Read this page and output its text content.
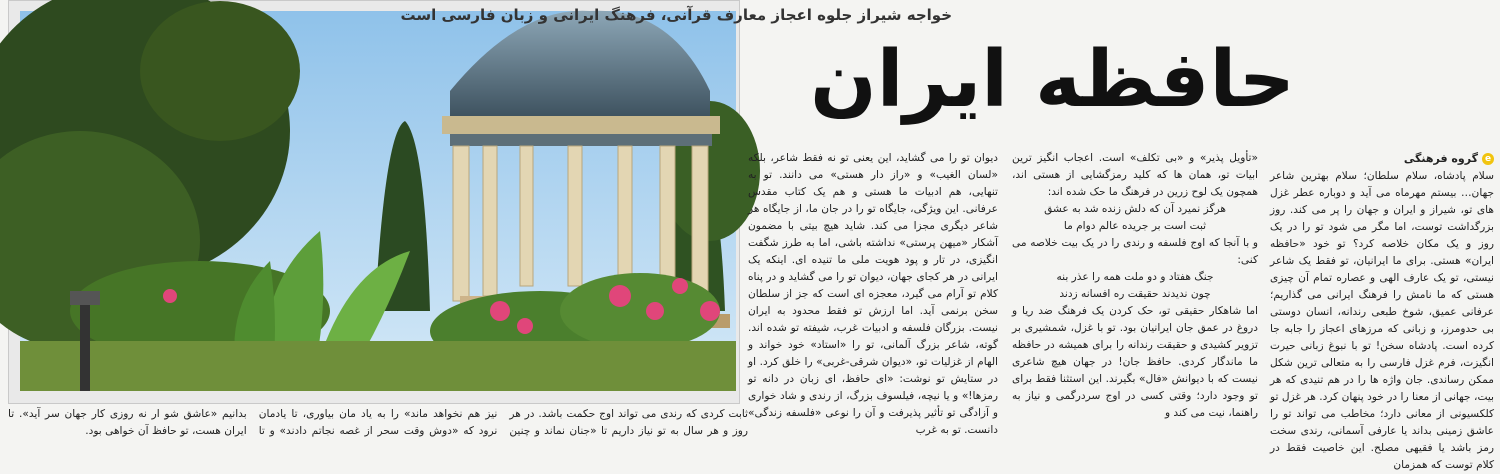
خواجه شیراز جلوه اعجاز معارف قرآنی، فرهنگ ایرانی و زبان فارسی است
حافظه ایران
e
گروه فرهنگی

سلام پادشاه، سلام سلطان؛ سلام بهترین شاعر جهان… بیستم مهرماه می آید و دوباره عطر غزل های تو، شیراز و ایران و جهان را پر می کند. روز بزرگداشت توست، اما مگر می شود تو را در یک روز و یک مکان خلاصه کرد؟ تو خود «حافظه ایران» هستی. برای ما ایرانیان، تو فقط یک شاعر نیستی، تو یک عارف الهی و عصاره تمام آن چیزی هستی که ما نامش را فرهنگ ایرانی می گذاریم؛ عرفانی عمیق، شوخ طبعی رندانه، انسان دوستی بی حدومرز، و زبانی که مرزهای اعجاز را جابه جا کرده است. پادشاه سخن! تو با نبوغ زبانی حیرت انگیزت، فرم غزل فارسی را به متعالی ترین شکل ممکن رساندی. جان واژه ها را در هم تنیدی که هر بیت، جهانی از معنا را در خود پنهان کرد. هر غزل تو کلکسیونی از معانی دارد؛ مخاطب می تواند تو را عاشق زمینی بداند یا عارفی آسمانی، رندی سخت رمز باشد یا فقیهی مصلح. این خاصیت فقط در کلام توست که همزمان

«تأویل پذیر» و «بی تکلف» است. اعجاب انگیز ترین ابیات تو، همان ها که کلید رمزگشایی از هستی اند، همچون یک لوح زرین در فرهنگ ما حک شده اند:

هرگز نمیرد آن که دلش زنده شد به عشق

ثبت است بر جریده عالم دوام ما

و با آنجا که اوج فلسفه و رندی را در یک بیت خلاصه می کنی:

جنگ هفتاد و دو ملت همه را عذر بنه

چون ندیدند حقیقت ره افسانه زدند

اما شاهکار حقیقی تو، حک کردن یک فرهنگ ضد ریا و دروغ در عمق جان ایرانیان بود. تو با غزل، شمشیری بر تزویر کشیدی و حقیقت رندانه را برای همیشه در حافظه ما ماندگار کردی. حافظ جان! در جهان هیچ شاعری نیست که با دیوانش «فال» بگیرند. این استثنا فقط برای تو وجود دارد؛ وقتی کسی در اوج سردرگمی و نیاز به راهنما، نیت می کند و

دیوان تو را می گشاید، این یعنی تو نه فقط شاعر، بلکه «لسان الغیب» و «راز دار هستی» می دانند. تو به تنهایی، هم ادبیات ما هستی و هم یک کتاب مقدس عرفانی. این ویژگی، جایگاه تو را در جان ما، از جایگاه هر شاعر دیگری مجزا می کند. شاید هیچ بیتی با مضمون آشکار «میهن پرستی» نداشته باشی، اما به طرز شگفت انگیزی، در تار و پود هویت ملی ما تنیده ای. اینکه یک ایرانی در هر کجای جهان، دیوان تو را می گشاید و در پناه کلام تو آرام می گیرد، معجزه ای است که جز از سلطان سخن برنمی آید. اما ارزش تو فقط محدود به ایران نیست. بزرگان فلسفه و ادبیات غرب، شیفته تو شده اند. گوته، شاعر بزرگ آلمانی، تو را «استاد» خود خواند و الهام از غزلیات تو، «دیوان شرقی-غربی» را خلق کرد. او در ستایش تو نوشت: «ای حافظ، ای زبان در دانه تو رمزها!» و یا نیچه، فیلسوف بزرگ، از رندی و شاد خواری و آزادگی تو تأثیر پذیرفت و آن را نوعی «فلسفه زندگی» دانست. تو به غرب

ثابت کردی که رندی می تواند اوج حکمت باشد. در هر روز و هر سال به تو نیاز داریم تا «جنان نماند و چنین نیز هم نخواهد ماند» را به یاد مان بیاوری، تا یادمان نرود که «دوش وقت سحر از غصه نجاتم دادند» و تا بدانیم «عاشق شو ار نه روزی کار جهان سر آید». تا ایران هست، تو حافظ آن خواهی بود.
